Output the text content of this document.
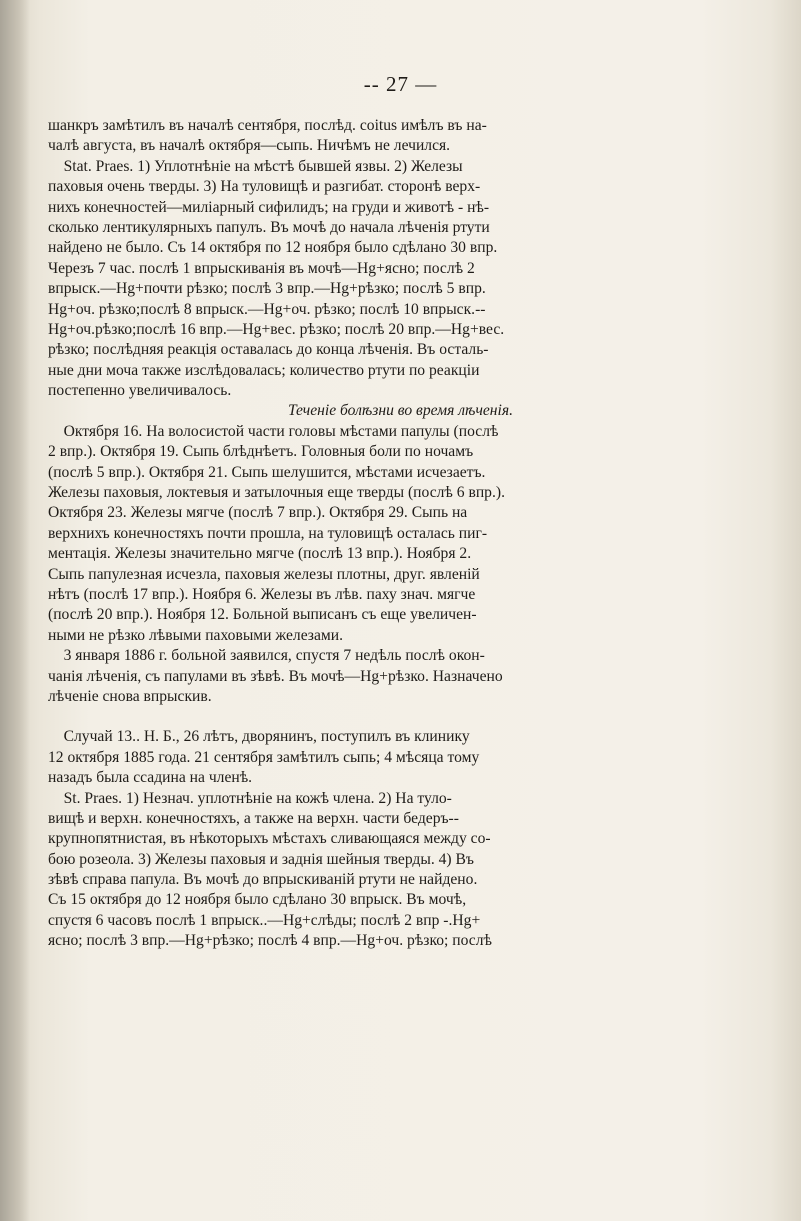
-- 27 —
шанкръ замѣтилъ въ началѣ сентября, послѣд. coitus имѣлъ въ на-
чалѣ августа, въ началѣ октября—сыпь. Ничѣмъ не лечился.
Stat. Praes. 1) Уплотнѣніе на мѣстѣ бывшей язвы. 2) Железы
паховыя очень тверды. 3) На туловищѣ и разгибат. сторонѣ верх-
нихъ конечностей—миліарный сифилидъ; на груди и животѣ - нѣ-
сколько лентикулярныхъ папулъ. Въ мочѣ до начала лѣченія ртути
найдено не было. Съ 14 октября по 12 ноября было сдѣлано 30 впр.
Черезъ 7 час. послѣ 1 впрыскиванія въ мочѣ—Hg+ясно; послѣ 2
впрыск.—Hg+почти рѣзко; послѣ 3 впр.—Hg+рѣзко; послѣ 5 впр.
Hg+оч. рѣзко;послѣ 8 впрыск.—Hg+оч. рѣзко; послѣ 10 впрыск.--
Hg+оч.рѣзко;послѣ 16 впр.—Hg+вес. рѣзко; послѣ 20 впр.—Hg+вес.
рѣзко; послѣдняя реакція оставалась до конца лѣченія. Въ осталь-
ные дни моча также изслѣдовалась; количество ртути по реакціи
постепенно увеличивалось.
Теченіе болѣзни во время лѣченія.
Октября 16. На волосистой части головы мѣстами папулы (послѣ
2 впр.). Октября 19. Сыпь блѣднѣетъ. Головныя боли по ночамъ
(послѣ 5 впр.). Октября 21. Сыпь шелушится, мѣстами исчезаетъ.
Железы паховыя, локтевыя и затылочныя еще тверды (послѣ 6 впр.).
Октября 23. Железы мягче (послѣ 7 впр.). Октября 29. Сыпь на
верхнихъ конечностяхъ почти прошла, на туловищѣ осталась пиг-
ментація. Железы значительно мягче (послѣ 13 впр.). Ноября 2.
Сыпь папулезная исчезла, паховыя железы плотны, друг. явленій
нѣтъ (послѣ 17 впр.). Ноября 6. Железы въ лѣв. паху знач. мягче
(послѣ 20 впр.). Ноября 12. Больной выписанъ съ еще увеличен-
ными не рѣзко лѣвыми паховыми железами.
3 января 1886 г. больной заявился, спустя 7 недѣль послѣ окон-
чанія лѣченія, съ папулами въ зѣвѣ. Въ мочѣ—Hg+рѣзко. Назначено
лѣченіе снова впрыскив.
Случай 13.. Н. Б., 26 лѣтъ, дворянинъ, поступилъ въ клинику
12 октября 1885 года. 21 сентября замѣтилъ сыпь; 4 мѣсяца тому
назадъ была ссадина на членѣ.
St. Praes. 1) Незнач. уплотнѣніе на кожѣ члена. 2) На туло-
вищѣ и верхн. конечностяхъ, а также на верхн. части бедеръ--
крупнопятнистая, въ нѣкоторыхъ мѣстахъ сливающаяся между со-
бою розеола. 3) Железы паховыя и заднія шейныя тверды. 4) Въ
зѣвѣ справа папула. Въ мочѣ до впрыскиваній ртути не найдено.
Съ 15 октября до 12 ноября было сдѣлано 30 впрыск. Въ мочѣ,
спустя 6 часовъ послѣ 1 впрыск..—Hg+слѣды; послѣ 2 впр -.Hg+
ясно; послѣ 3 впр.—Hg+рѣзко; послѣ 4 впр.—Hg+оч. рѣзко; послѣ
